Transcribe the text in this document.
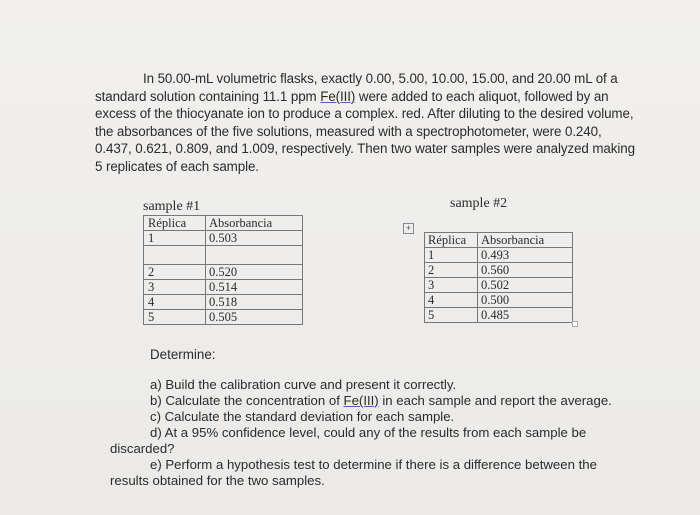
In 50.00-mL volumetric flasks, exactly 0.00, 5.00, 10.00, 15.00, and 20.00 mL of a standard solution containing 11.1 ppm Fe(III) were added to each aliquot, followed by an excess of the thiocyanate ion to produce a complex. red. After diluting to the desired volume, the absorbances of the five solutions, measured with a spectrophotometer, were 0.240, 0.437, 0.621, 0.809, and 1.009, respectively. Then two water samples were analyzed making 5 replicates of each sample.

sample #1
Réplica	Absorbancia
1	0.503

2	0.520
3	0.514
4	0.518
5	0.505
sample #2
+
Réplica	Absorbancia
1	0.493
2	0.560
3	0.502
4	0.500
5	0.485
Determine:
a) Build the calibration curve and present it correctly.
b) Calculate the concentration of Fe(III) in each sample and report the average.
c) Calculate the standard deviation for each sample.
d) At a 95% confidence level, could any of the results from each sample be
discarded?
e) Perform a hypothesis test to determine if there is a difference between the
results obtained for the two samples.
